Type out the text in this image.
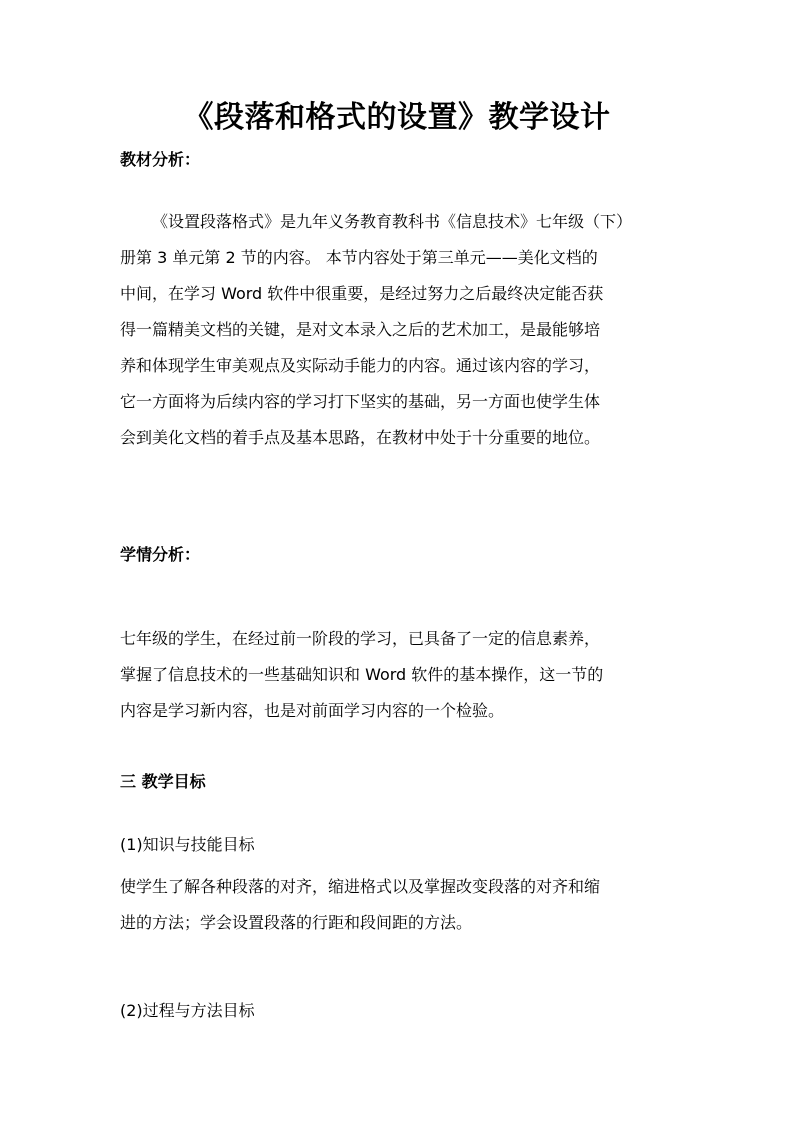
《段落和格式的设置》教学设计
教材分析：
《设置段落格式》是九年义务教育教科书《信息技术》七年级（下）
册第 3 单元第 2 节的内容。 本节内容处于第三单元——美化文档的
中间，在学习 Word 软件中很重要，是经过努力之后最终决定能否获
得一篇精美文档的关键，是对文本录入之后的艺术加工，是最能够培
养和体现学生审美观点及实际动手能力的内容。通过该内容的学习，
它一方面将为后续内容的学习打下坚实的基础，另一方面也使学生体
会到美化文档的着手点及基本思路，在教材中处于十分重要的地位。
学情分析：
七年级的学生，在经过前一阶段的学习，已具备了一定的信息素养，
掌握了信息技术的一些基础知识和 Word 软件的基本操作，这一节的
内容是学习新内容，也是对前面学习内容的一个检验。
三 教学目标
(1)知识与技能目标
使学生了解各种段落的对齐，缩进格式以及掌握改变段落的对齐和缩
进的方法；学会设置段落的行距和段间距的方法。
(2)过程与方法目标
